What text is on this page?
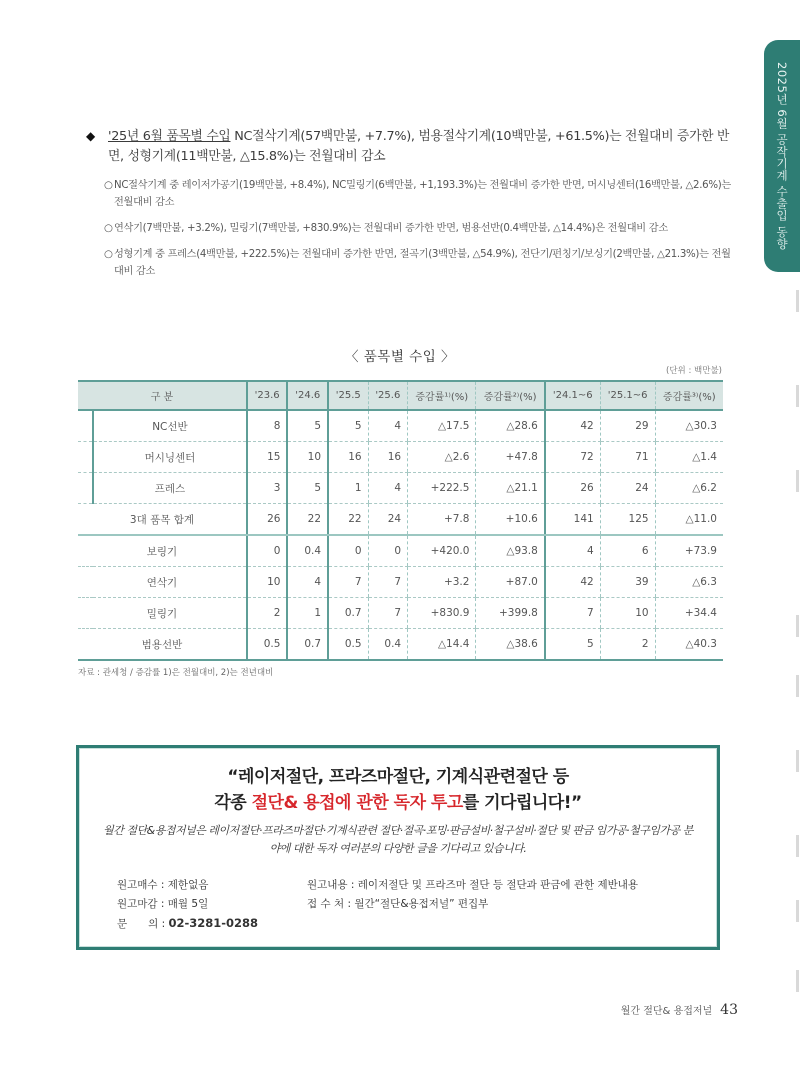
2025년 6월 공작기계 수출입 동향
◆ '25년 6월 품목별 수입 NC절삭기계(57백만불, +7.7%), 범용절삭기계(10백만불, +61.5%)는 전월대비 증가한 반면, 성형기계(11백만불, △15.8%)는 전월대비 감소
○NC절삭기계 중 레이저가공기(19백만불, +8.4%), NC밀링기(6백만불, +1,193.3%)는 전월대비 증가한 반면, 머시닝센터(16백만불, △2.6%)는 전월대비 감소
○연삭기(7백만불, +3.2%), 밀링기(7백만불, +830.9%)는 전월대비 증가한 반면, 범용선반(0.4백만불, △14.4%)은 전월대비 감소
○성형기계 중 프레스(4백만불, +222.5%)는 전월대비 증가한 반면, 절곡기(3백만불, △54.9%), 전단기/펀칭기/보싱기(2백만불, △21.3%)는 전월대비 감소
〈 품목별 수입 〉
(단위 : 백만불)
구 분		'23.6	'24.6	'25.5	'25.6	증감률¹⁾(%)	증감률²⁾(%)	'24.1~6	'25.1~6	증감률³⁾(%)
	NC선반	8	5	5	4	△17.5	△28.6	42	29	△30.3
	머시닝센터	15	10	16	16	△2.6	+47.8	72	71	△1.4
	프레스	3	5	1	4	+222.5	△21.1	26	24	△6.2
3대 품목 합계		26	22	22	24	+7.8	+10.6	141	125	△11.0
보링기		0	0.4	0	0	+420.0	△93.8	4	6	+73.9
연삭기		10	4	7	7	+3.2	+87.0	42	39	△6.3
밀링기		2	1	0.7	7	+830.9	+399.8	7	10	+34.4
범용선반		0.5	0.7	0.5	0.4	△14.4	△38.6	5	2	△40.3
자료 : 관세청 / 증감률 1)은 전월대비, 2)는 전년대비
“레이저절단, 프라즈마절단, 기계식관련절단 등
각종 절단& 용접에 관한 독자 투고를 기다립니다!”
월간 절단&용접저널은 레이저절단·프라즈마절단·기계식관련 절단·절곡·포밍·판금설비·철구설비·절단 및 판금 임가공·철구임가공 분야에 대한 독자 여러분의 다양한 글을 기다리고 있습니다.
원고매수 : 제한없음
원고마감 : 매월 5일
문　　의 : 02-3281-0288
원고내용 : 레이저절단 및 프라즈마 절단 등 절단과 판금에 관한 제반내용
접 수 처 : 월간“절단&용접저널” 편집부
월간 절단& 용접저널 43
